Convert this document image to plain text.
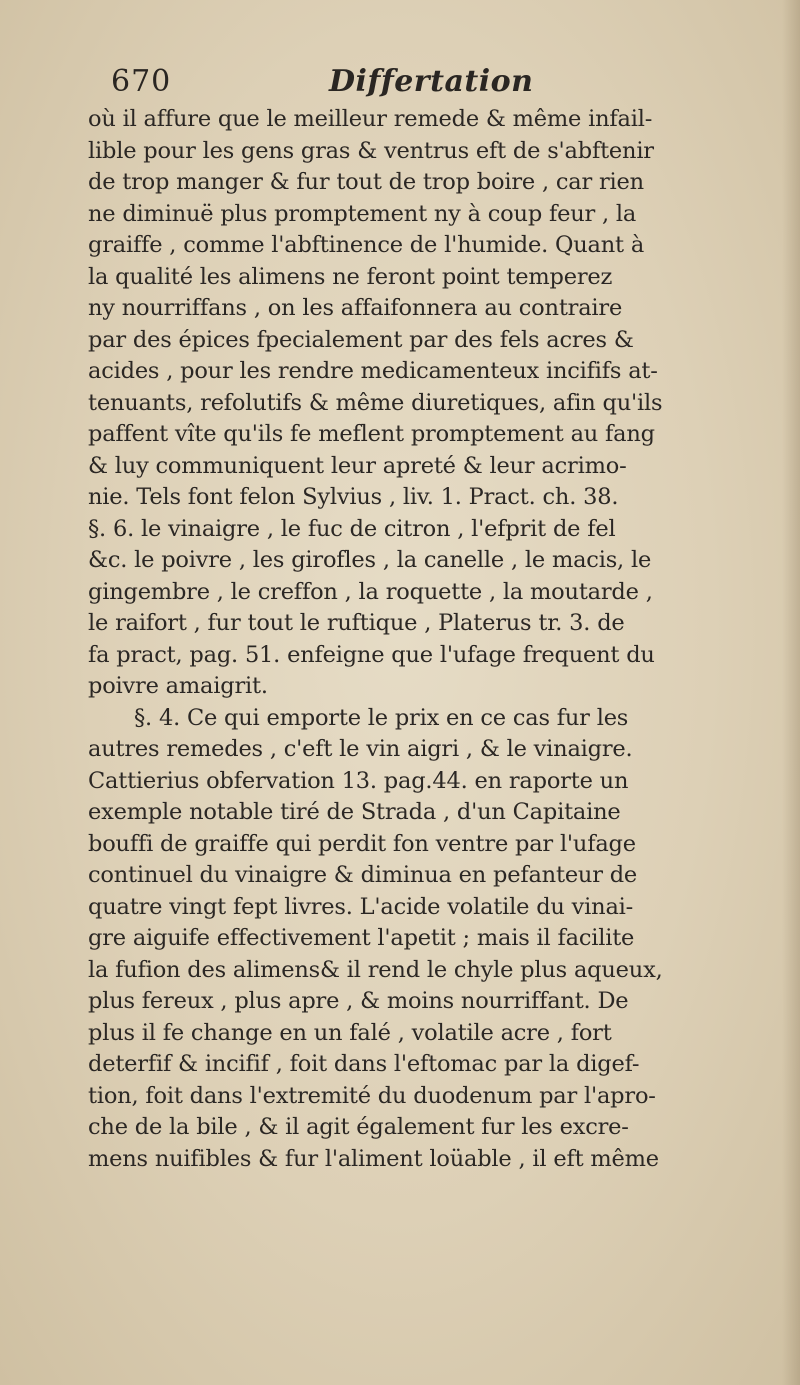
670	Differtation
où il affure que le meilleur remede & même infail-
lible pour les gens gras & ventrus eft de s'abftenir
de trop manger & fur tout de trop boire , car rien
ne diminuë plus promptement ny à coup feur , la
graiffe , comme l'abftinence de l'humide. Quant à
la qualité les alimens ne feront point temperez
ny nourriffans , on les affaifonnera au contraire
par des épices fpecialement par des fels acres &
acides , pour les rendre medicamenteux incififs at-
tenuants, refolutifs & même diuretiques, afin qu'ils
paffent vîte qu'ils fe meflent promptement au fang
& luy communiquent leur apreté & leur acrimo-
nie. Tels font felon Sylvius , liv. 1. Pract. ch. 38.
§. 6. le vinaigre , le fuc de citron , l'efprit de fel
&c. le poivre , les girofles , la canelle , le macis, le
gingembre , le creffon , la roquette , la moutarde ,
le raifort , fur tout le ruftique , Platerus tr. 3. de
fa pract, pag. 51. enfeigne que l'ufage frequent du
poivre amaigrit.
§. 4. Ce qui emporte le prix en ce cas fur les
autres remedes , c'eft le vin aigri , & le vinaigre.
Cattierius obfervation 13. pag.44. en raporte un
exemple notable tiré de Strada , d'un Capitaine
bouffi de graiffe qui perdit fon ventre par l'ufage
continuel du vinaigre & diminua en pefanteur de
quatre vingt fept livres. L'acide volatile du vinai-
gre aiguife effectivement l'apetit ; mais il facilite
la fufion des alimens& il rend le chyle plus aqueux,
plus fereux , plus apre , & moins nourriffant. De
plus il fe change en un falé , volatile acre , fort
deterfif & incifif , foit dans l'eftomac par la digef-
tion, foit dans l'extremité du duodenum par l'apro-
che de la bile , & il agit également fur les excre-
mens nuifibles & fur l'aliment loüable , il eft même
